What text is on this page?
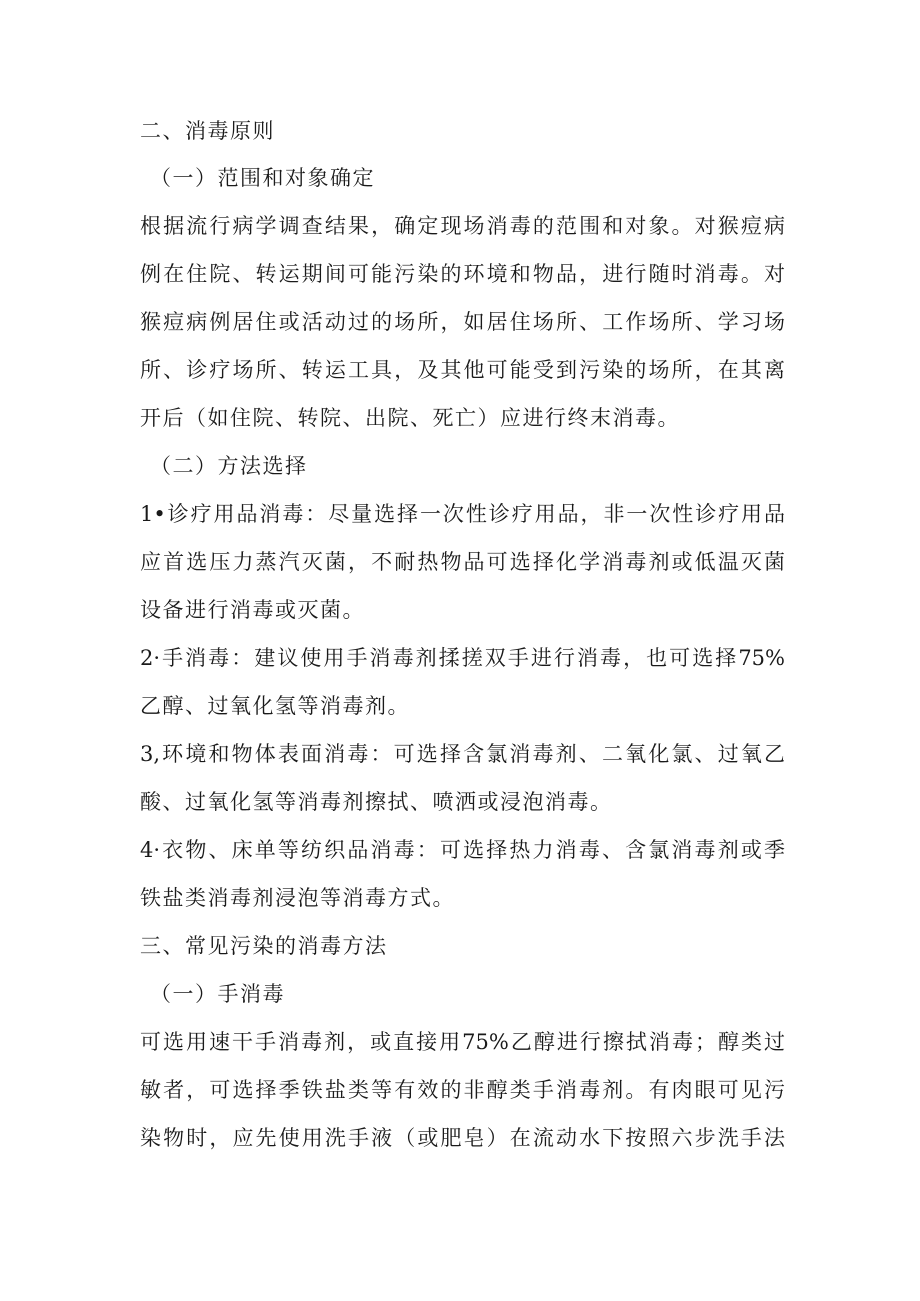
二、消毒原则
（一）范围和对象确定
根据流行病学调查结果，确定现场消毒的范围和对象。对猴痘病
例在住院、转运期间可能污染的环境和物品，进行随时消毒。对
猴痘病例居住或活动过的场所，如居住场所、工作场所、学习场
所、诊疗场所、转运工具，及其他可能受到污染的场所，在其离
开后（如住院、转院、出院、死亡）应进行终末消毒。
（二）方法选择
1•诊疗用品消毒：尽量选择一次性诊疗用品，非一次性诊疗用品
应首选压力蒸汽灭菌，不耐热物品可选择化学消毒剂或低温灭菌
设备进行消毒或灭菌。
2·手消毒：建议使用手消毒剂揉搓双手进行消毒，也可选择75%
乙醇、过氧化氢等消毒剂。
3,环境和物体表面消毒：可选择含氯消毒剂、二氧化氯、过氧乙
酸、过氧化氢等消毒剂擦拭、喷洒或浸泡消毒。
4·衣物、床单等纺织品消毒：可选择热力消毒、含氯消毒剂或季
铁盐类消毒剂浸泡等消毒方式。
三、常见污染的消毒方法
（一）手消毒
可选用速干手消毒剂，或直接用75%乙醇进行擦拭消毒；醇类过
敏者，可选择季铁盐类等有效的非醇类手消毒剂。有肉眼可见污
染物时，应先使用洗手液（或肥皂）在流动水下按照六步洗手法
